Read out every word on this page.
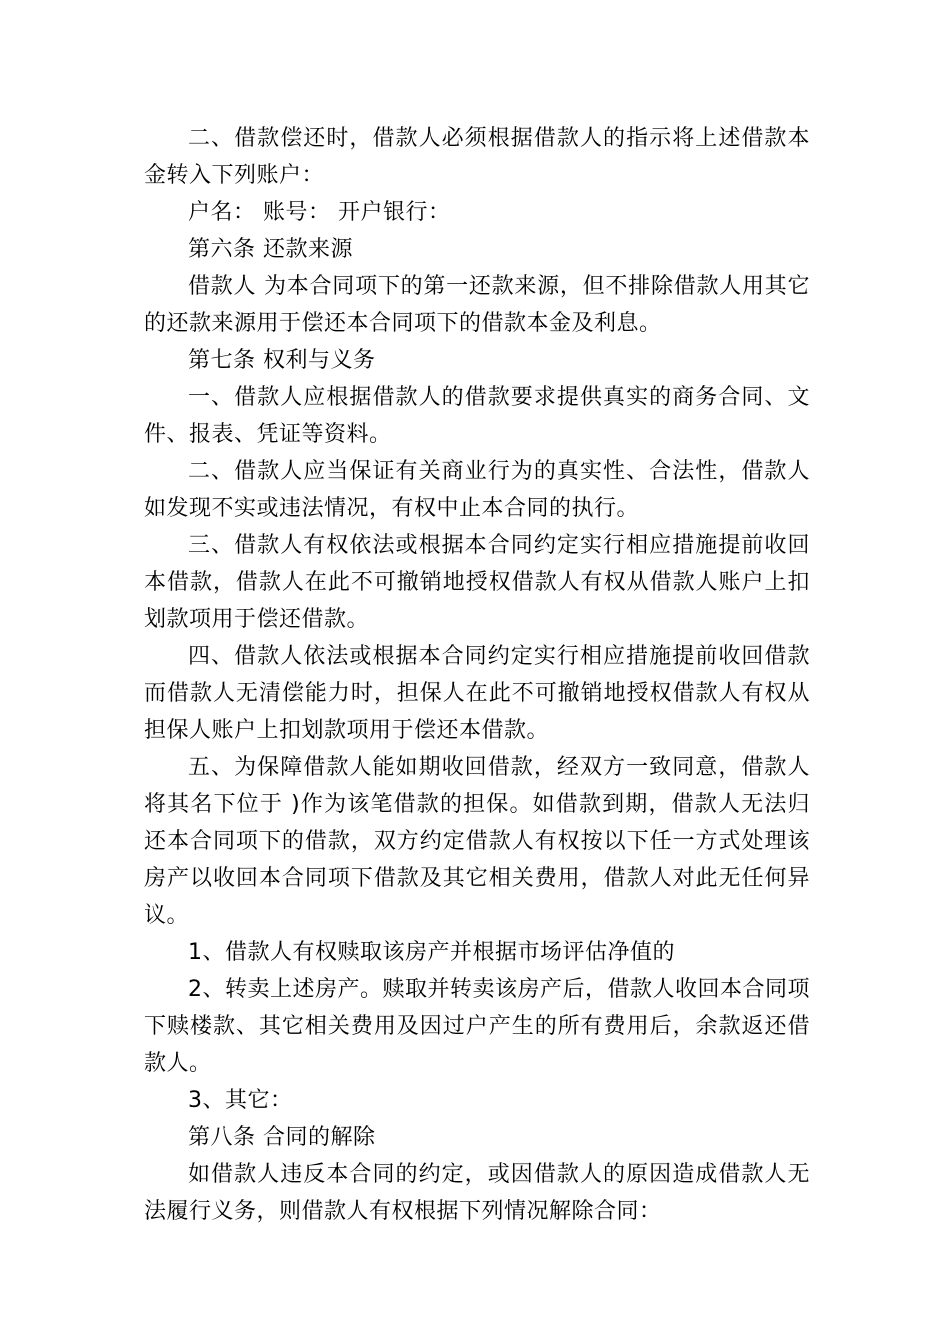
二、借款偿还时，借款人必须根据借款人的指示将上述借款本金转入下列账户：

户名： 账号： 开户银行：

第六条 还款来源

借款人 为本合同项下的第一还款来源，但不排除借款人用其它的还款来源用于偿还本合同项下的借款本金及利息。

第七条 权利与义务

一、借款人应根据借款人的借款要求提供真实的商务合同、文件、报表、凭证等资料。

二、借款人应当保证有关商业行为的真实性、合法性，借款人如发现不实或违法情况，有权中止本合同的执行。

三、借款人有权依法或根据本合同约定实行相应措施提前收回本借款，借款人在此不可撤销地授权借款人有权从借款人账户上扣划款项用于偿还借款。

四、借款人依法或根据本合同约定实行相应措施提前收回借款而借款人无清偿能力时，担保人在此不可撤销地授权借款人有权从担保人账户上扣划款项用于偿还本借款。

五、为保障借款人能如期收回借款，经双方一致同意，借款人将其名下位于 )作为该笔借款的担保。如借款到期，借款人无法归还本合同项下的借款，双方约定借款人有权按以下任一方式处理该房产以收回本合同项下借款及其它相关费用，借款人对此无任何异议。

1、借款人有权赎取该房产并根据市场评估净值的

2、转卖上述房产。赎取并转卖该房产后，借款人收回本合同项下赎楼款、其它相关费用及因过户产生的所有费用后，余款返还借款人。

3、其它：

第八条 合同的解除

如借款人违反本合同的约定，或因借款人的原因造成借款人无法履行义务，则借款人有权根据下列情况解除合同：
